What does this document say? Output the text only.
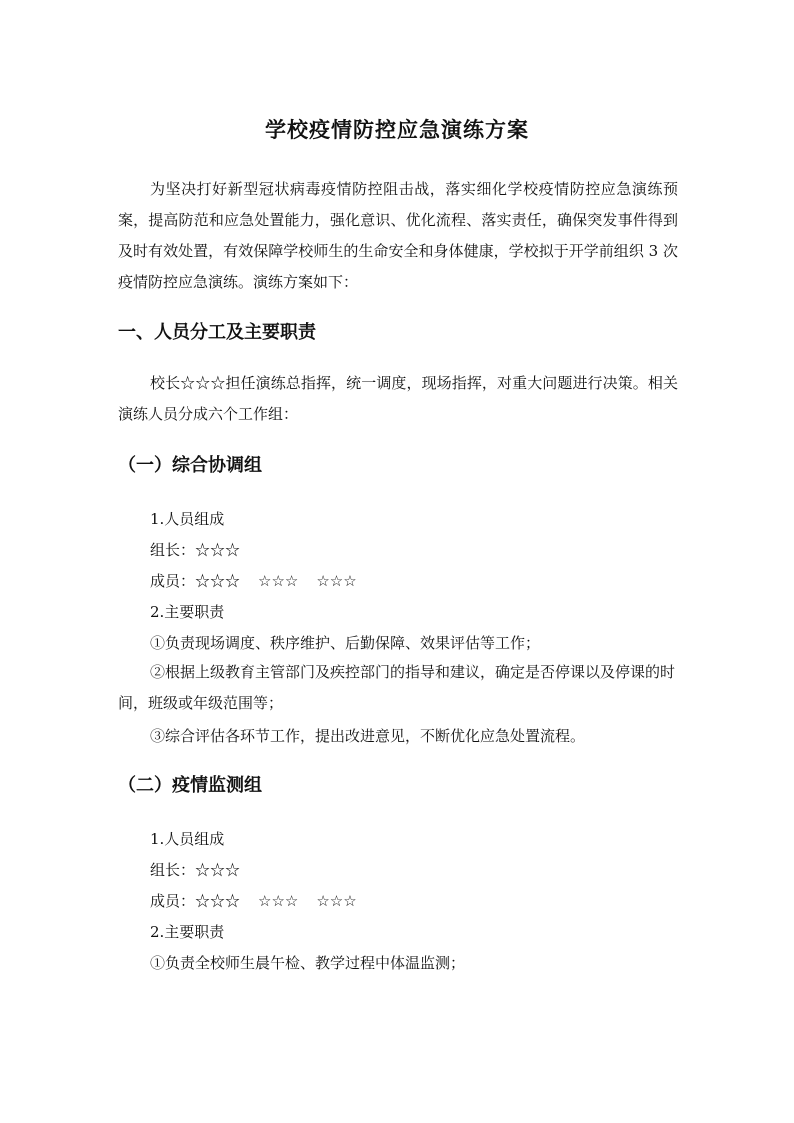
学校疫情防控应急演练方案
为坚决打好新型冠状病毒疫情防控阻击战，落实细化学校疫情防控应急演练预案，提高防范和应急处置能力，强化意识、优化流程、落实责任，确保突发事件得到及时有效处置，有效保障学校师生的生命安全和身体健康，学校拟于开学前组织 3 次疫情防控应急演练。演练方案如下：
一、人员分工及主要职责
校长☆☆☆担任演练总指挥，统一调度，现场指挥，对重大问题进行决策。相关演练人员分成六个工作组：
（一）综合协调组
1.人员组成
组长：☆☆☆
成员：☆☆☆ ☆☆☆ ☆☆☆
2.主要职责
①负责现场调度、秩序维护、后勤保障、效果评估等工作；
②根据上级教育主管部门及疾控部门的指导和建议，确定是否停课以及停课的时间，班级或年级范围等；
③综合评估各环节工作，提出改进意见，不断优化应急处置流程。
（二）疫情监测组
1.人员组成
组长：☆☆☆
成员：☆☆☆ ☆☆☆ ☆☆☆
2.主要职责
①负责全校师生晨午检、教学过程中体温监测；
